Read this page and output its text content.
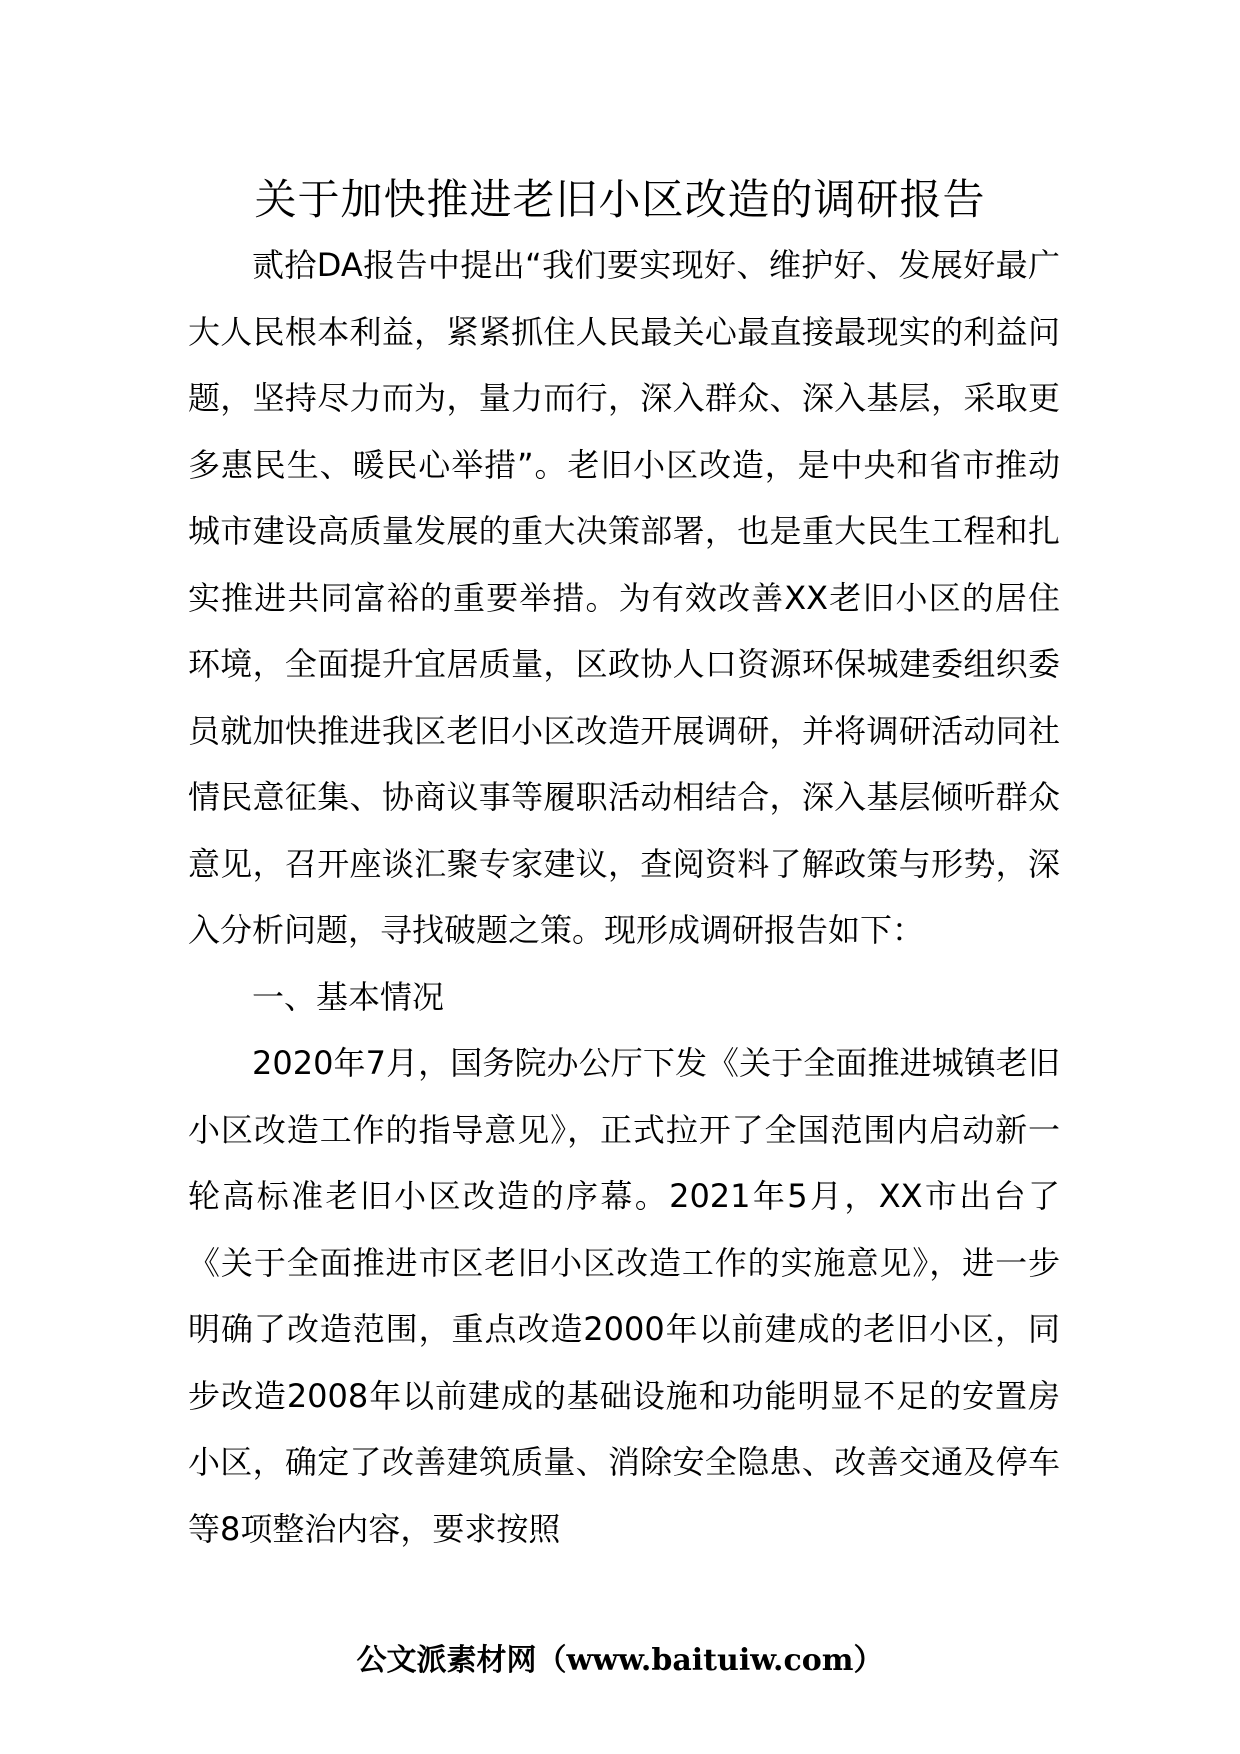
关于加快推进老旧小区改造的调研报告

贰拾DA报告中提出“我们要实现好、维护好、发展好最广大人民根本利益，紧紧抓住人民最关心最直接最现实的利益问题，坚持尽力而为，量力而行，深入群众、深入基层，采取更多惠民生、暖民心举措”。老旧小区改造，是中央和省市推动城市建设高质量发展的重大决策部署，也是重大民生工程和扎实推进共同富裕的重要举措。为有效改善XX老旧小区的居住环境，全面提升宜居质量，区政协人口资源环保城建委组织委员就加快推进我区老旧小区改造开展调研，并将调研活动同社情民意征集、协商议事等履职活动相结合，深入基层倾听群众意见，召开座谈汇聚专家建议，查阅资料了解政策与形势，深入分析问题，寻找破题之策。现形成调研报告如下：

一、基本情况

2020年7月，国务院办公厅下发《关于全面推进城镇老旧小区改造工作的指导意见》，正式拉开了全国范围内启动新一轮高标准老旧小区改造的序幕。2021年5月，XX市出台了《关于全面推进市区老旧小区改造工作的实施意见》，进一步明确了改造范围，重点改造2000年以前建成的老旧小区，同步改造2008年以前建成的基础设施和功能明显不足的安置房小区，确定了改善建筑质量、消除安全隐患、改善交通及停车等8项整治内容，要求按照

公文派素材网（www.baituiw.com）
